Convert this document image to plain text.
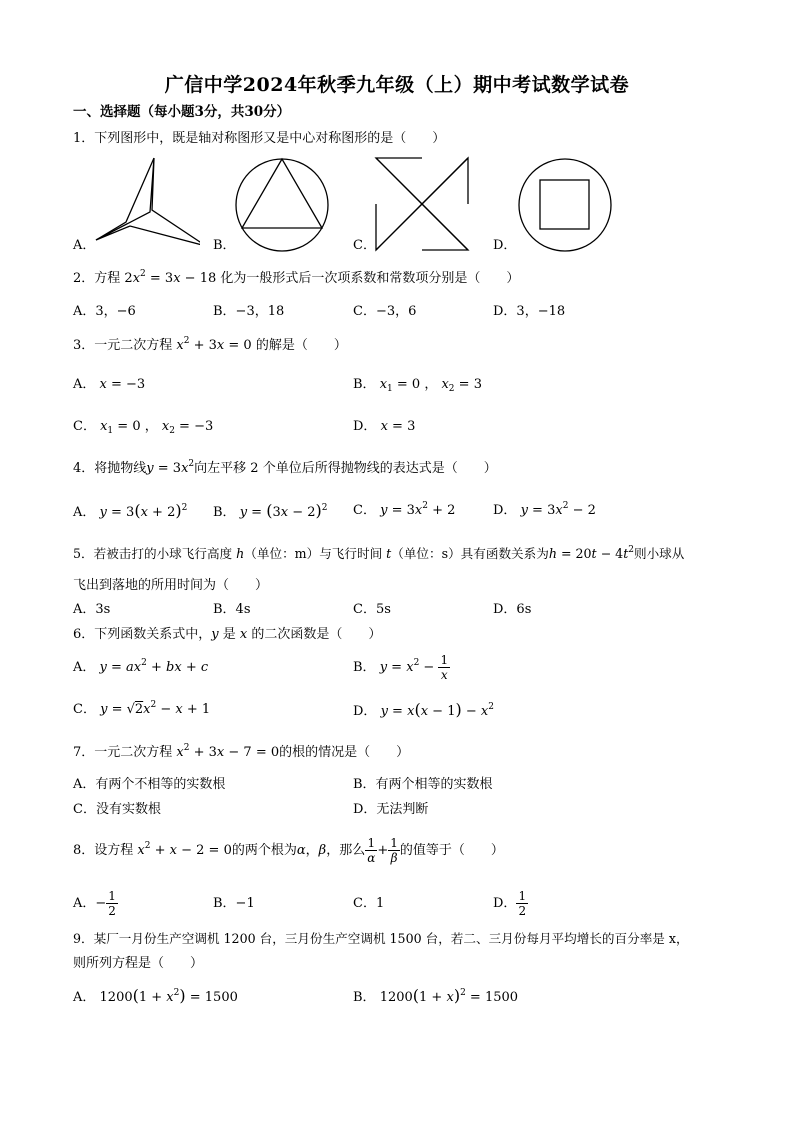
广信中学2024年秋季九年级（上）期中考试数学试卷
一、选择题（每小题3分，共30分）
1．下列图形中，既是轴对称图形又是中心对称图形的是（　　）
A．	B．	C．	D．
2．方程 $2x^2 = 3x - 18$ 化为一般形式后一次项系数和常数项分别是（　　）
A．3，−6	B．−3，18	C．−3，6	D．3，−18
3．一元二次方程 $x^2 + 3x = 0$ 的解是（　　）
A． x = −3	B． $x_1 = 0$ ， $x_2 = 3$
C． $x_1 = 0$ ， $x_2 = -3$	D． x = 3
4．将抛物线$y = 3x^2$向左平移 2 个单位后所得抛物线的表达式是（　　）
A． $y = 3(x + 2)^2$ B． $y = (3x - 2)^2$ C． $y = 3x^2 + 2$	D． $y = 3x^2 - 2$
5．若被击打的小球飞行高度 h（单位：m）与飞行时间 t（单位：s）具有函数关系为$h = 20t - 4t^2$则小球从
飞出到落地的所用时间为（　　）
A．3s	B．4s	C．5s	D．6s
6．下列函数关系式中，y 是 x 的二次函数是（　　）
A． $y = ax^2$ + bx + c	B． $y = x^2 - \frac{1}{x}$
C． $y = √2x^2 - x + 1$	D． $y = x(x - 1) - x^2$
7．一元二次方程 $x^2 + 3x - 7 = 0$的根的情况是（　　）
A．有两个不相等的实数根	B．有两个相等的实数根
C．没有实数根	D．无法判断
8．设方程 $x^2 + x - 2 = 0$的两个根为α，β，那么 $\frac{1}{\alpha} + \frac{1}{\beta}$ 的值等于（　　）
A．− $\frac{1}{2}$	B．−1	C．1	D． $\frac{1}{2}$
9．某厂一月份生产空调机 1200 台，三月份生产空调机 1500 台，若二、三月份每月平均增长的百分率是 x，
则所列方程是（　　）
A． $1200(1 + x^2) = 1500$	B． $1200(1 + x)^2 = 1500$
